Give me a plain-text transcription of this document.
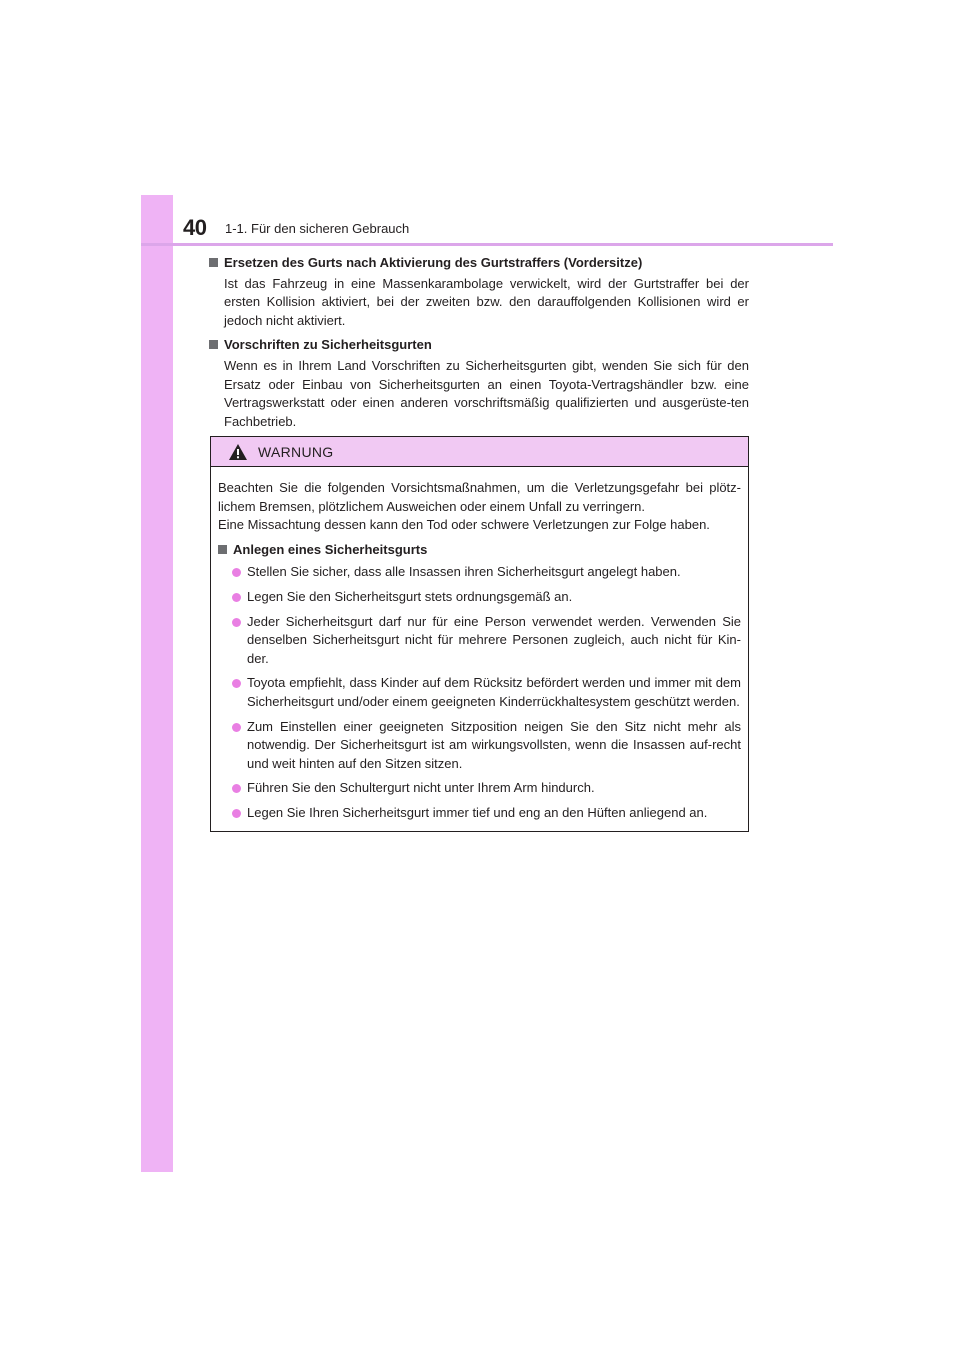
40 1-1. Für den sicheren Gebrauch
Ersetzen des Gurts nach Aktivierung des Gurtstraffers (Vordersitze)
Ist das Fahrzeug in eine Massenkarambolage verwickelt, wird der Gurtstraffer bei der ersten Kollision aktiviert, bei der zweiten bzw. den darauffolgenden Kollisionen wird er jedoch nicht aktiviert.
Vorschriften zu Sicherheitsgurten
Wenn es in Ihrem Land Vorschriften zu Sicherheitsgurten gibt, wenden Sie sich für den Ersatz oder Einbau von Sicherheitsgurten an einen Toyota-Vertragshändler bzw. eine Vertragswerkstatt oder einen anderen vorschriftsmäßig qualifizierten und ausgerüste-ten Fachbetrieb.
WARNUNG
Beachten Sie die folgenden Vorsichtsmaßnahmen, um die Verletzungsgefahr bei plötz-lichem Bremsen, plötzlichem Ausweichen oder einem Unfall zu verringern.
Eine Missachtung dessen kann den Tod oder schwere Verletzungen zur Folge haben.
Anlegen eines Sicherheitsgurts
Stellen Sie sicher, dass alle Insassen ihren Sicherheitsgurt angelegt haben.
Legen Sie den Sicherheitsgurt stets ordnungsgemäß an.
Jeder Sicherheitsgurt darf nur für eine Person verwendet werden. Verwenden Sie denselben Sicherheitsgurt nicht für mehrere Personen zugleich, auch nicht für Kin-der.
Toyota empfiehlt, dass Kinder auf dem Rücksitz befördert werden und immer mit dem Sicherheitsgurt und/oder einem geeigneten Kinderrückhaltesystem geschützt werden.
Zum Einstellen einer geeigneten Sitzposition neigen Sie den Sitz nicht mehr als notwendig. Der Sicherheitsgurt ist am wirkungsvollsten, wenn die Insassen auf-recht und weit hinten auf den Sitzen sitzen.
Führen Sie den Schultergurt nicht unter Ihrem Arm hindurch.
Legen Sie Ihren Sicherheitsgurt immer tief und eng an den Hüften anliegend an.
